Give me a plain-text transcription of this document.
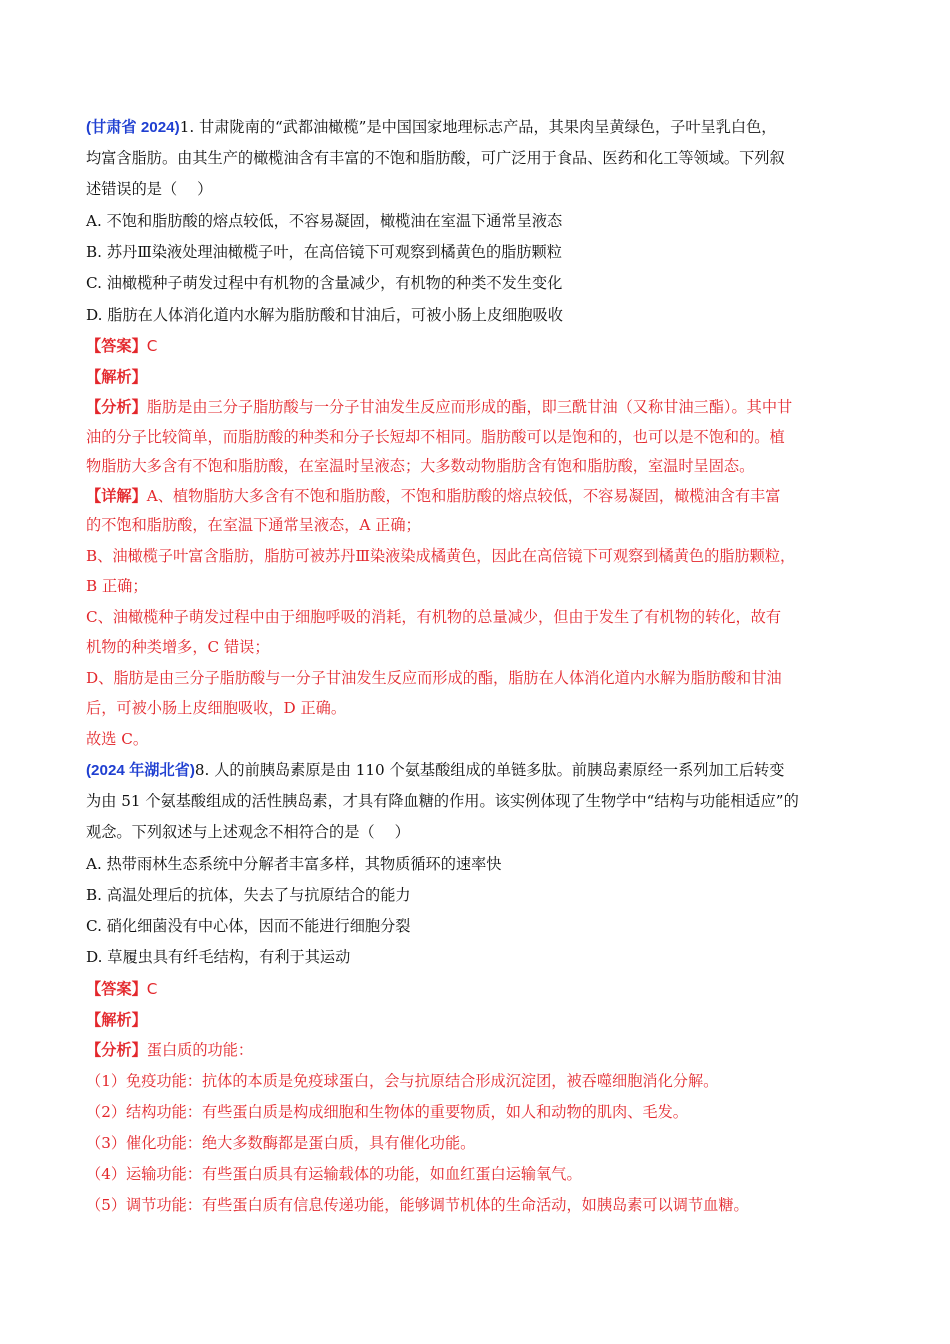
(甘肃省 2024)1. 甘肃陇南的“武都油橄榄”是中国国家地理标志产品，其果肉呈黄绿色，子叶呈乳白色，
均富含脂肪。由其生产的橄榄油含有丰富的不饱和脂肪酸，可广泛用于食品、医药和化工等领域。下列叙
述错误的是（　 ）
A. 不饱和脂肪酸的熔点较低，不容易凝固，橄榄油在室温下通常呈液态
B. 苏丹Ⅲ染液处理油橄榄子叶，在高倍镜下可观察到橘黄色的脂肪颗粒
C. 油橄榄种子萌发过程中有机物的含量减少，有机物的种类不发生变化
D. 脂肪在人体消化道内水解为脂肪酸和甘油后，可被小肠上皮细胞吸收
【答案】C
【解析】
【分析】脂肪是由三分子脂肪酸与一分子甘油发生反应而形成的酯，即三酰甘油（又称甘油三酯）。其中甘
油的分子比较简单，而脂肪酸的种类和分子长短却不相同。脂肪酸可以是饱和的，也可以是不饱和的。植
物脂肪大多含有不饱和脂肪酸，在室温时呈液态；大多数动物脂肪含有饱和脂肪酸，室温时呈固态。
【详解】A、植物脂肪大多含有不饱和脂肪酸，不饱和脂肪酸的熔点较低，不容易凝固，橄榄油含有丰富
的不饱和脂肪酸，在室温下通常呈液态，A 正确；
B、油橄榄子叶富含脂肪，脂肪可被苏丹Ⅲ染液染成橘黄色，因此在高倍镜下可观察到橘黄色的脂肪颗粒，
B 正确；
C、油橄榄种子萌发过程中由于细胞呼吸的消耗，有机物的总量减少，但由于发生了有机物的转化，故有
机物的种类增多，C 错误；
D、脂肪是由三分子脂肪酸与一分子甘油发生反应而形成的酯，脂肪在人体消化道内水解为脂肪酸和甘油
后，可被小肠上皮细胞吸收，D 正确。
故选 C。
(2024 年湖北省)8. 人的前胰岛素原是由 110 个氨基酸组成的单链多肽。前胰岛素原经一系列加工后转变
为由 51 个氨基酸组成的活性胰岛素，才具有降血糖的作用。该实例体现了生物学中“结构与功能相适应”的
观念。下列叙述与上述观念不相符合的是（　 ）
A. 热带雨林生态系统中分解者丰富多样，其物质循环的速率快
B. 高温处理后的抗体，失去了与抗原结合的能力
C. 硝化细菌没有中心体，因而不能进行细胞分裂
D. 草履虫具有纤毛结构，有利于其运动
【答案】C
【解析】
【分析】蛋白质的功能：
（1）免疫功能：抗体的本质是免疫球蛋白，会与抗原结合形成沉淀团，被吞噬细胞消化分解。
（2）结构功能：有些蛋白质是构成细胞和生物体的重要物质，如人和动物的肌肉、毛发。
（3）催化功能：绝大多数酶都是蛋白质，具有催化功能。
（4）运输功能：有些蛋白质具有运输载体的功能，如血红蛋白运输氧气。
（5）调节功能：有些蛋白质有信息传递功能，能够调节机体的生命活动，如胰岛素可以调节血糖。
